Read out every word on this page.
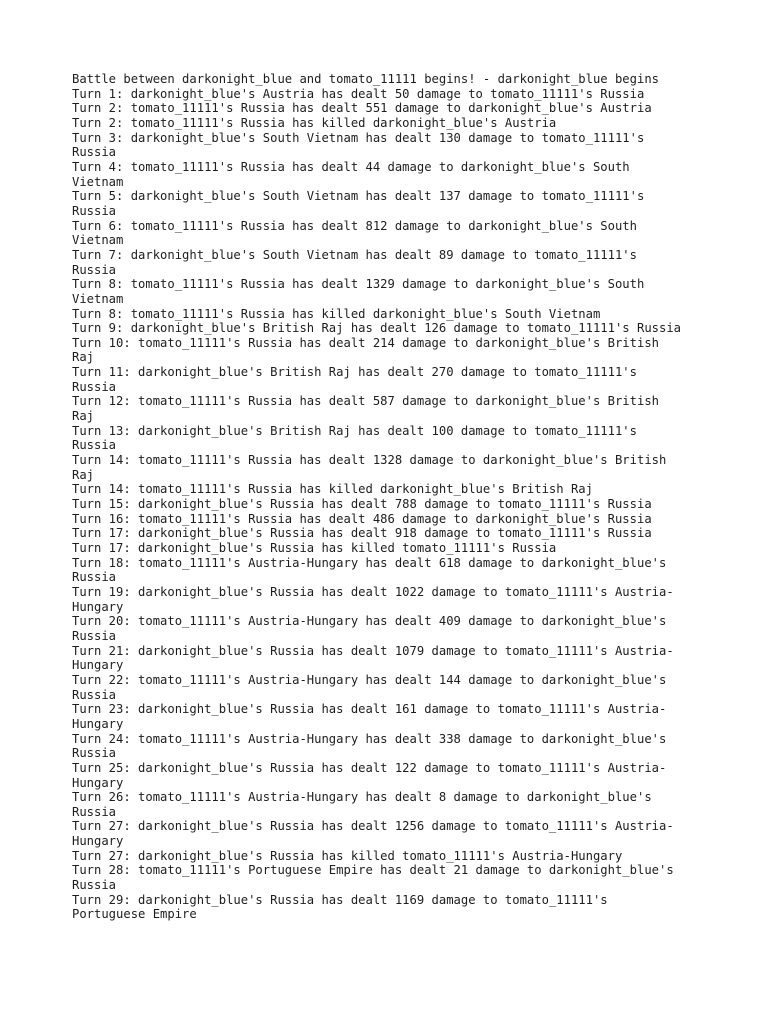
Battle between darkonight_blue and tomato_11111 begins! - darkonight_blue begins
Turn 1: darkonight_blue's Austria has dealt 50 damage to tomato_11111's Russia
Turn 2: tomato_11111's Russia has dealt 551 damage to darkonight_blue's Austria
Turn 2: tomato_11111's Russia has killed darkonight_blue's Austria
Turn 3: darkonight_blue's South Vietnam has dealt 130 damage to tomato_11111's
Russia
Turn 4: tomato_11111's Russia has dealt 44 damage to darkonight_blue's South
Vietnam
Turn 5: darkonight_blue's South Vietnam has dealt 137 damage to tomato_11111's
Russia
Turn 6: tomato_11111's Russia has dealt 812 damage to darkonight_blue's South
Vietnam
Turn 7: darkonight_blue's South Vietnam has dealt 89 damage to tomato_11111's
Russia
Turn 8: tomato_11111's Russia has dealt 1329 damage to darkonight_blue's South
Vietnam
Turn 8: tomato_11111's Russia has killed darkonight_blue's South Vietnam
Turn 9: darkonight_blue's British Raj has dealt 126 damage to tomato_11111's Russia
Turn 10: tomato_11111's Russia has dealt 214 damage to darkonight_blue's British
Raj
Turn 11: darkonight_blue's British Raj has dealt 270 damage to tomato_11111's
Russia
Turn 12: tomato_11111's Russia has dealt 587 damage to darkonight_blue's British
Raj
Turn 13: darkonight_blue's British Raj has dealt 100 damage to tomato_11111's
Russia
Turn 14: tomato_11111's Russia has dealt 1328 damage to darkonight_blue's British
Raj
Turn 14: tomato_11111's Russia has killed darkonight_blue's British Raj
Turn 15: darkonight_blue's Russia has dealt 788 damage to tomato_11111's Russia
Turn 16: tomato_11111's Russia has dealt 486 damage to darkonight_blue's Russia
Turn 17: darkonight_blue's Russia has dealt 918 damage to tomato_11111's Russia
Turn 17: darkonight_blue's Russia has killed tomato_11111's Russia
Turn 18: tomato_11111's Austria-Hungary has dealt 618 damage to darkonight_blue's
Russia
Turn 19: darkonight_blue's Russia has dealt 1022 damage to tomato_11111's Austria-
Hungary
Turn 20: tomato_11111's Austria-Hungary has dealt 409 damage to darkonight_blue's
Russia
Turn 21: darkonight_blue's Russia has dealt 1079 damage to tomato_11111's Austria-
Hungary
Turn 22: tomato_11111's Austria-Hungary has dealt 144 damage to darkonight_blue's
Russia
Turn 23: darkonight_blue's Russia has dealt 161 damage to tomato_11111's Austria-
Hungary
Turn 24: tomato_11111's Austria-Hungary has dealt 338 damage to darkonight_blue's
Russia
Turn 25: darkonight_blue's Russia has dealt 122 damage to tomato_11111's Austria-
Hungary
Turn 26: tomato_11111's Austria-Hungary has dealt 8 damage to darkonight_blue's
Russia
Turn 27: darkonight_blue's Russia has dealt 1256 damage to tomato_11111's Austria-
Hungary
Turn 27: darkonight_blue's Russia has killed tomato_11111's Austria-Hungary
Turn 28: tomato_11111's Portuguese Empire has dealt 21 damage to darkonight_blue's
Russia
Turn 29: darkonight_blue's Russia has dealt 1169 damage to tomato_11111's
Portuguese Empire
